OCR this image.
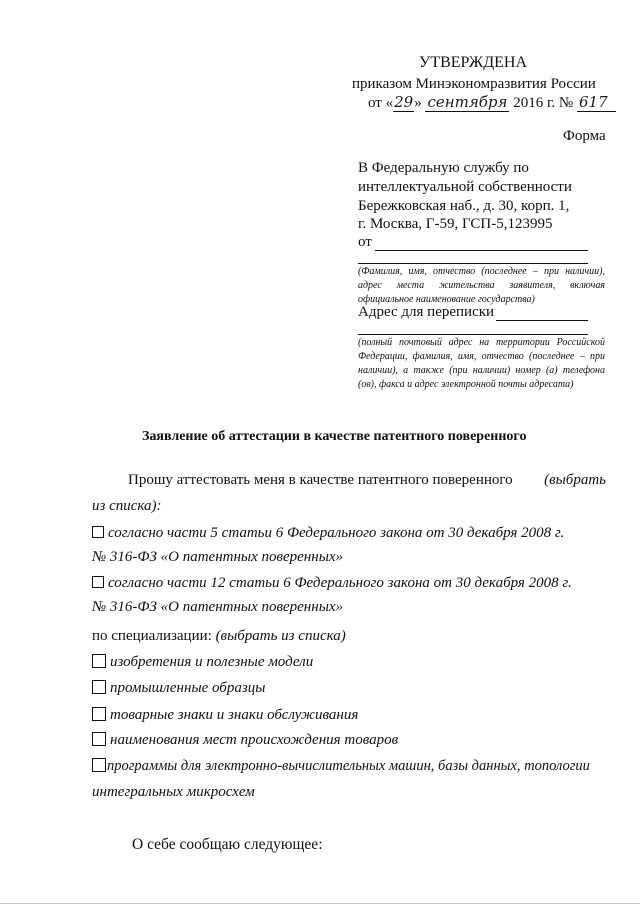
УТВЕРЖДЕНА
приказом Минэкономразвития России
от «29» сентября 2016 г. № 617
Форма
В Федеральную службу по
интеллектуальной собственности
Бережковская наб., д. 30, корп. 1,
г. Москва, Г-59, ГСП-5,123995
от
(Фамилия, имя, отчество (последнее – при наличии), адрес места жительства заявителя, включая официальное наименование государства)
Адрес для переписки
(полный почтовый адрес на территории Российской Федерации, фамилия, имя, отчество (последнее – при наличии), а также (при наличии) номер (а) телефона (ов), факса и адрес электронной почты адресата)
Заявление об аттестации в качестве патентного поверенного
Прошу аттестовать меня в качестве патентного поверенного (выбрать
из списка):
согласно части 5 статьи 6 Федерального закона от 30 декабря 2008 г.
№ 316-ФЗ «О патентных поверенных»
согласно части 12 статьи 6 Федерального закона от 30 декабря 2008 г.
№ 316-ФЗ «О патентных поверенных»
по специализации: (выбрать из списка)
изобретения и полезные модели
промышленные образцы
товарные знаки и знаки обслуживания
наименования мест происхождения товаров
программы для электронно-вычислительных машин, базы данных, топологии
интегральных микросхем
О себе сообщаю следующее:
